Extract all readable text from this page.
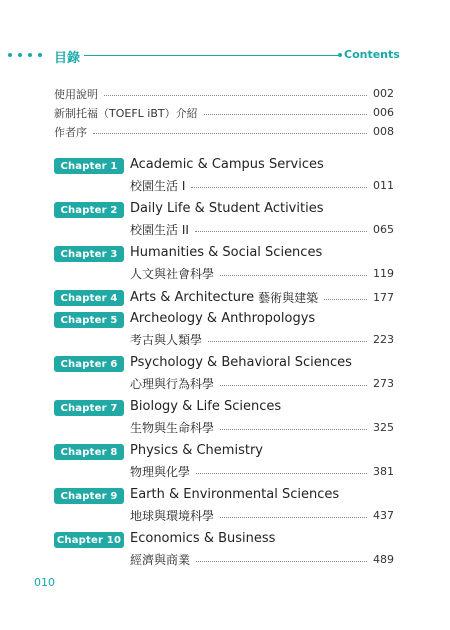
目錄	Contents
使用說明	002
新制托福（TOEFL iBT）介紹	006
作者序	008
Chapter 1 Academic & Campus Services
校園生活 I	011
Chapter 2 Daily Life & Student Activities
校園生活 II	065
Chapter 3 Humanities & Social Sciences
人文與社會科學	119
Chapter 4 Arts & Architecture 藝術與建築	177
Chapter 5 Archeology & Anthropologys
考古與人類學	223
Chapter 6 Psychology & Behavioral Sciences
心理與行為科學	273
Chapter 7 Biology & Life Sciences
生物與生命科學	325
Chapter 8 Physics & Chemistry
物理與化學	381
Chapter 9 Earth & Environmental Sciences
地球與環境科學	437
Chapter 10 Economics & Business
經濟與商業	489
010
